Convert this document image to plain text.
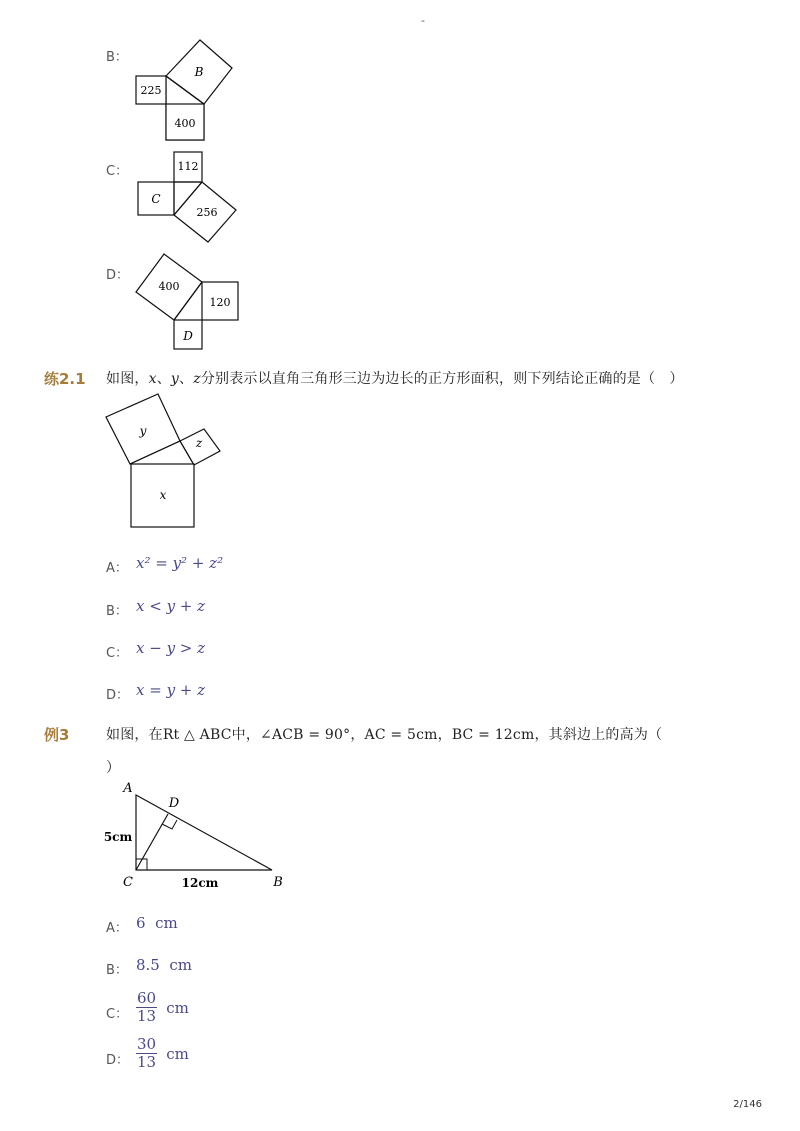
-
B：
225
B
400
C：	112
C
256
D：
400
120
D
练2.1 如图，x、y、z分别表示以直角三角形三边为边长的正方形面积，则下列结论正确的是（　）
y
z
x
A： x² = y² + z²
B： x < y + z
C： x − y > z
D： x = y + z
例3	如图，在Rt △ ABC中，∠ACB = 90°，AC = 5cm，BC = 12cm，其斜边上的高为（
）
A
D
C	B
5cm
12cm
A： 6  cm
B： 8.5  cm
C： $\frac{60}{13}$ cm
D： $\frac{30}{13}$ cm
2/146
